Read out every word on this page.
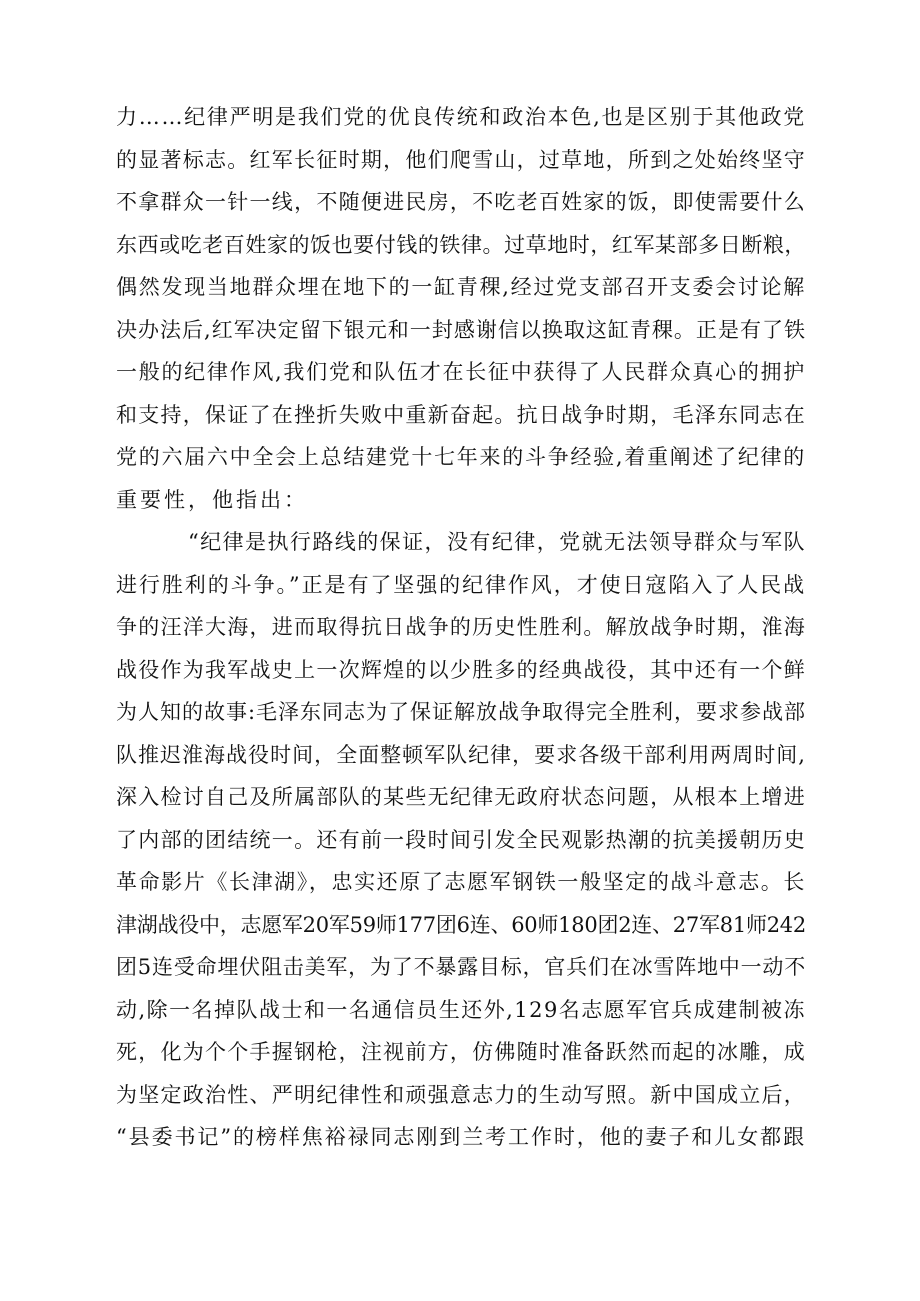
力……纪律严明是我们党的优良传统和政治本色,也是区别于其他政党
的显著标志。红军长征时期，他们爬雪山，过草地，所到之处始终坚守
不拿群众一针一线，不随便进民房，不吃老百姓家的饭，即使需要什么
东西或吃老百姓家的饭也要付钱的铁律。过草地时，红军某部多日断粮，
偶然发现当地群众埋在地下的一缸青稞,经过党支部召开支委会讨论解
决办法后,红军决定留下银元和一封感谢信以换取这缸青稞。正是有了铁
一般的纪律作风,我们党和队伍才在长征中获得了人民群众真心的拥护
和支持，保证了在挫折失败中重新奋起。抗日战争时期，毛泽东同志在
党的六届六中全会上总结建党十七年来的斗争经验,着重阐述了纪律的
重要性，他指出：
“纪律是执行路线的保证，没有纪律，党就无法领导群众与军队
进行胜利的斗争。”正是有了坚强的纪律作风，才使日寇陷入了人民战
争的汪洋大海，进而取得抗日战争的历史性胜利。解放战争时期，淮海
战役作为我军战史上一次辉煌的以少胜多的经典战役，其中还有一个鲜
为人知的故事:毛泽东同志为了保证解放战争取得完全胜利，要求参战部
队推迟淮海战役时间，全面整顿军队纪律，要求各级干部利用两周时间,
深入检讨自己及所属部队的某些无纪律无政府状态问题，从根本上增进
了内部的团结统一。还有前一段时间引发全民观影热潮的抗美援朝历史
革命影片《长津湖》，忠实还原了志愿军钢铁一般坚定的战斗意志。长
津湖战役中，志愿军20军59师177团6连、60师180团2连、27军81师242
团5连受命埋伏阻击美军，为了不暴露目标，官兵们在冰雪阵地中一动不
动,除一名掉队战士和一名通信员生还外,129名志愿军官兵成建制被冻
死，化为个个手握钢枪，注视前方，仿佛随时准备跃然而起的冰雕，成
为坚定政治性、严明纪律性和顽强意志力的生动写照。新中国成立后，
“县委书记”的榜样焦裕禄同志刚到兰考工作时，他的妻子和儿女都跟
